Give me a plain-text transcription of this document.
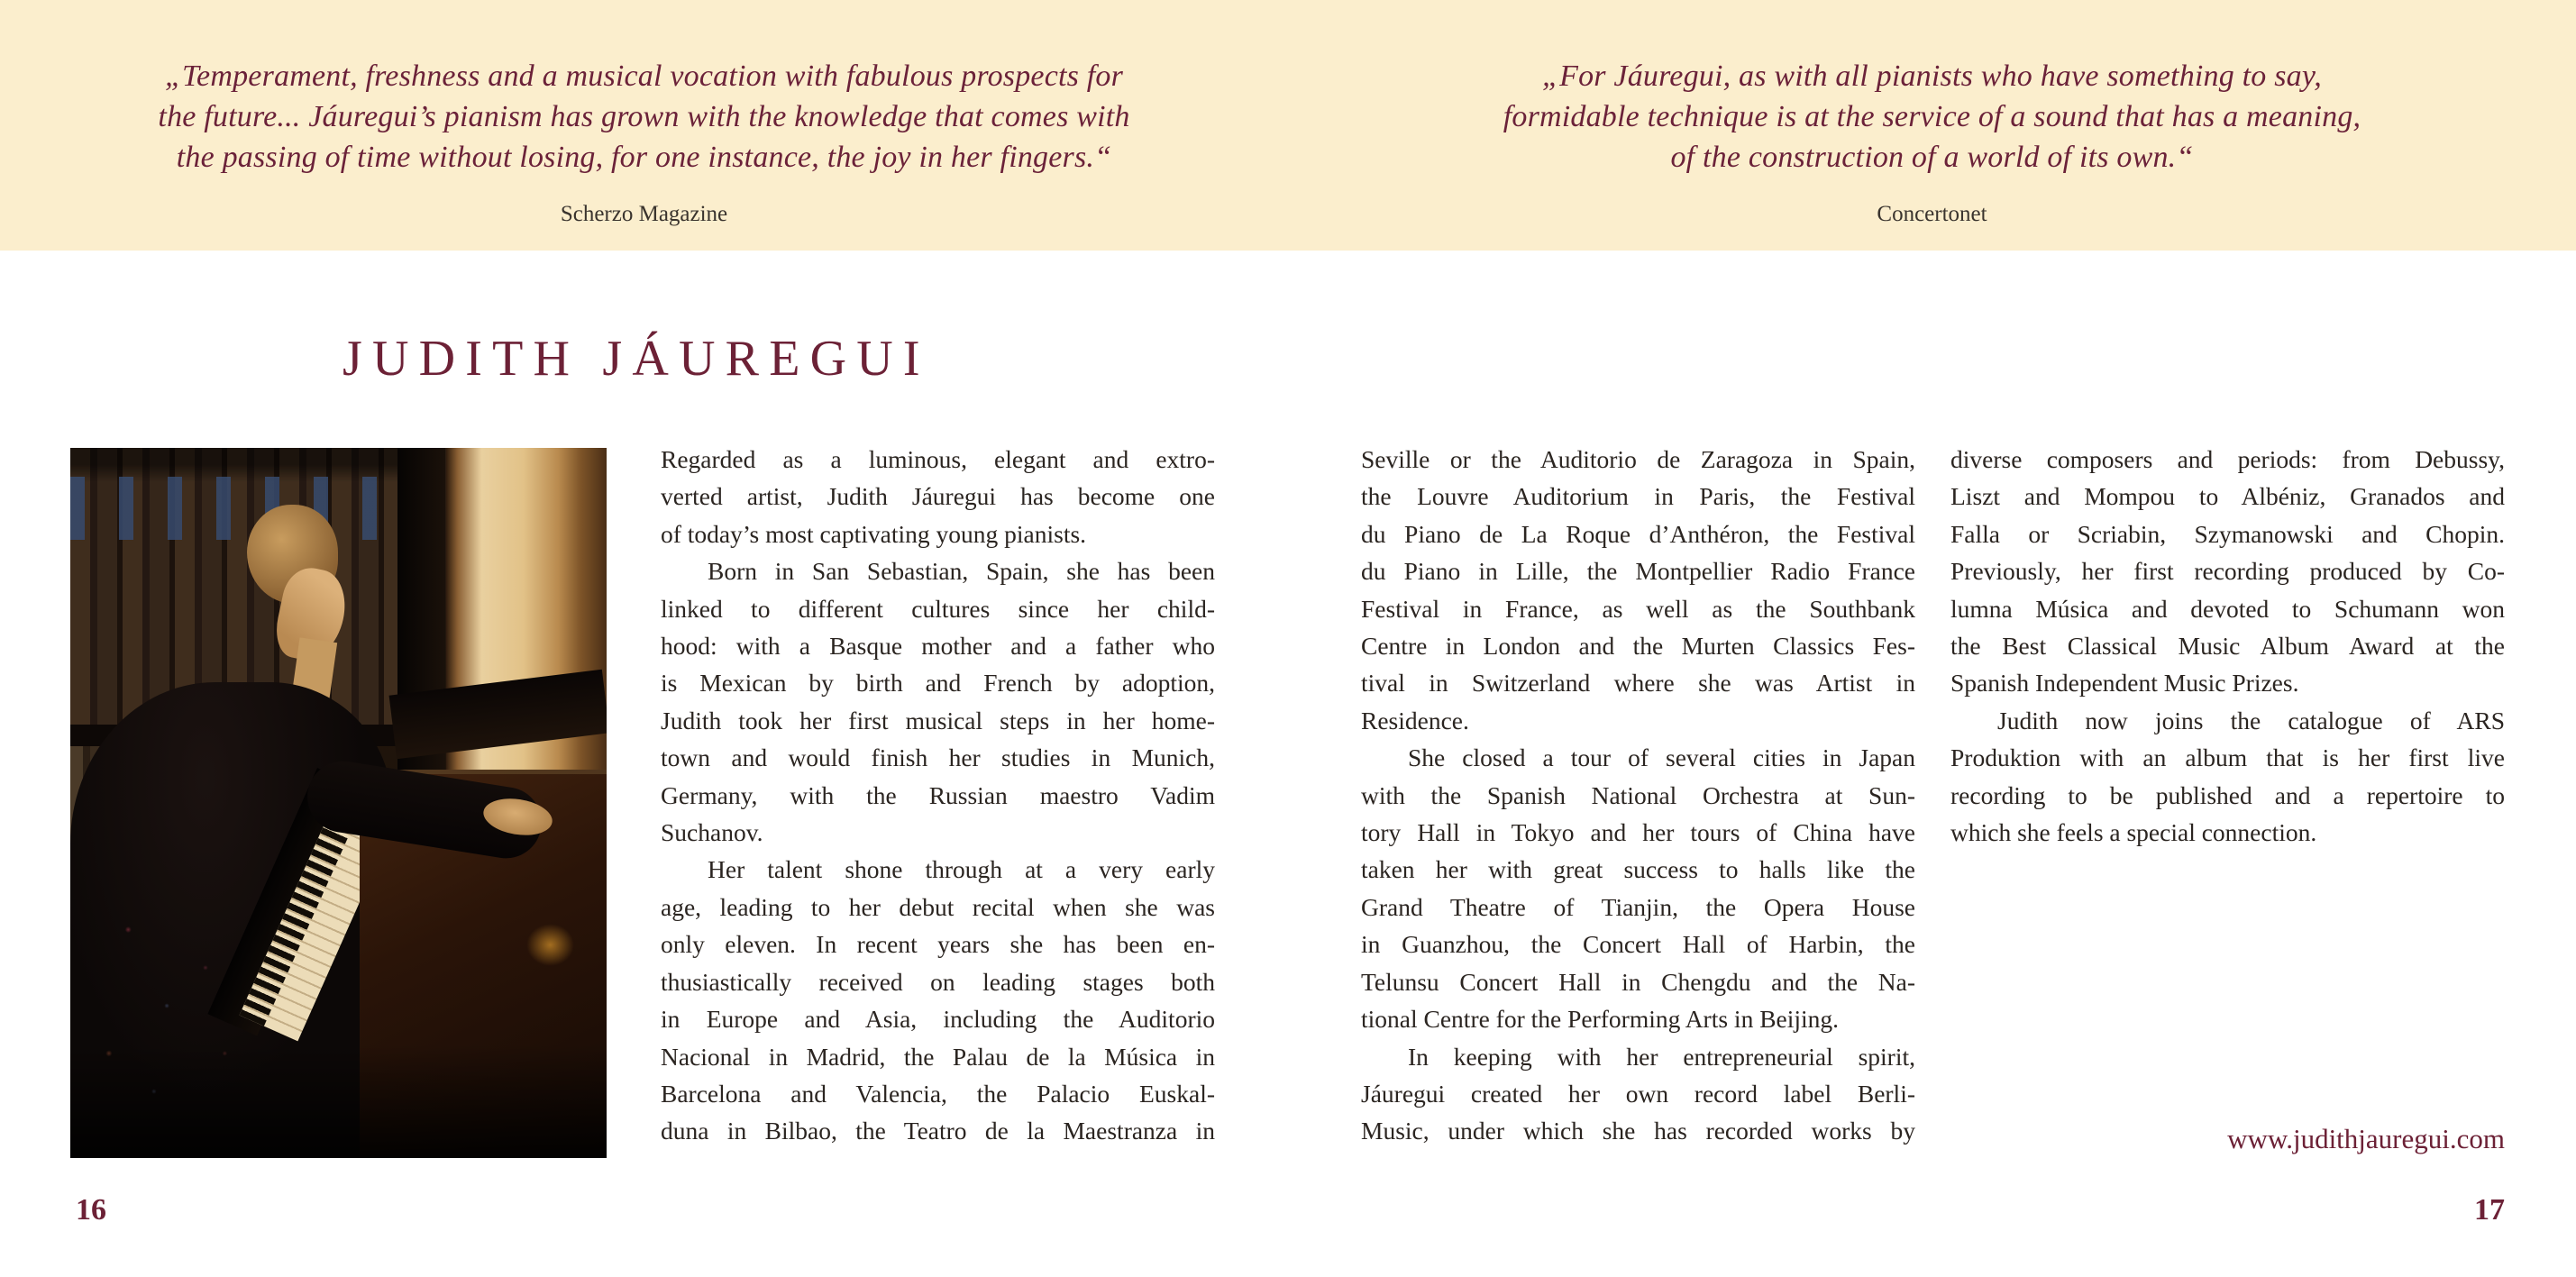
„Temperament, freshness and a musical vocation with fabulous prospects for
the future... Jáuregui’s pianism has grown with the knowledge that comes with
the passing of time without losing, for one instance, the joy in her fingers.“
Scherzo Magazine
„For Jáuregui, as with all pianists who have something to say,
formidable technique is at the service of a sound that has a meaning,
of the construction of a world of its own.“
Concertonet
JUDITH JÁUREGUI
Regarded as a luminous, elegant and extro-
verted artist, Judith Jáuregui has become one
of today’s most captivating young pianists.
Born in San Sebastian, Spain, she has been
linked to different cultures since her child-
hood: with a Basque mother and a father who
is Mexican by birth and French by adoption,
Judith took her first musical steps in her home-
town and would finish her studies in Munich,
Germany, with the Russian maestro Vadim
Suchanov.
Her talent shone through at a very early
age, leading to her debut recital when she was
only eleven. In recent years she has been en-
thusiastically received on leading stages both
in Europe and Asia, including the Auditorio
Nacional in Madrid, the Palau de la Música in
Barcelona and Valencia, the Palacio Euskal-
duna in Bilbao, the Teatro de la Maestranza in
Seville or the Auditorio de Zaragoza in Spain,
the Louvre Auditorium in Paris, the Festival
du Piano de La Roque d’Anthéron, the Festival
du Piano in Lille, the Montpellier Radio France
Festival in France, as well as the Southbank
Centre in London and the Murten Classics Fes-
tival in Switzerland where she was Artist in
Residence.
She closed a tour of several cities in Japan
with the Spanish National Orchestra at Sun-
tory Hall in Tokyo and her tours of China have
taken her with great success to halls like the
Grand Theatre of Tianjin, the Opera House
in Guanzhou, the Concert Hall of Harbin, the
Telunsu Concert Hall in Chengdu and the Na-
tional Centre for the Performing Arts in Beijing.
In keeping with her entrepreneurial spirit,
Jáuregui created her own record label Berli-
Music, under which she has recorded works by
diverse composers and periods: from Debussy,
Liszt and Mompou to Albéniz, Granados and
Falla or Scriabin, Szymanowski and Chopin.
Previously, her first recording produced by Co-
lumna Música and devoted to Schumann won
the Best Classical Music Album Award at the
Spanish Independent Music Prizes.
Judith now joins the catalogue of ARS
Produktion with an album that is her first live
recording to be published and a repertoire to
which she feels a special connection.
www.judithjauregui.com
16	17
